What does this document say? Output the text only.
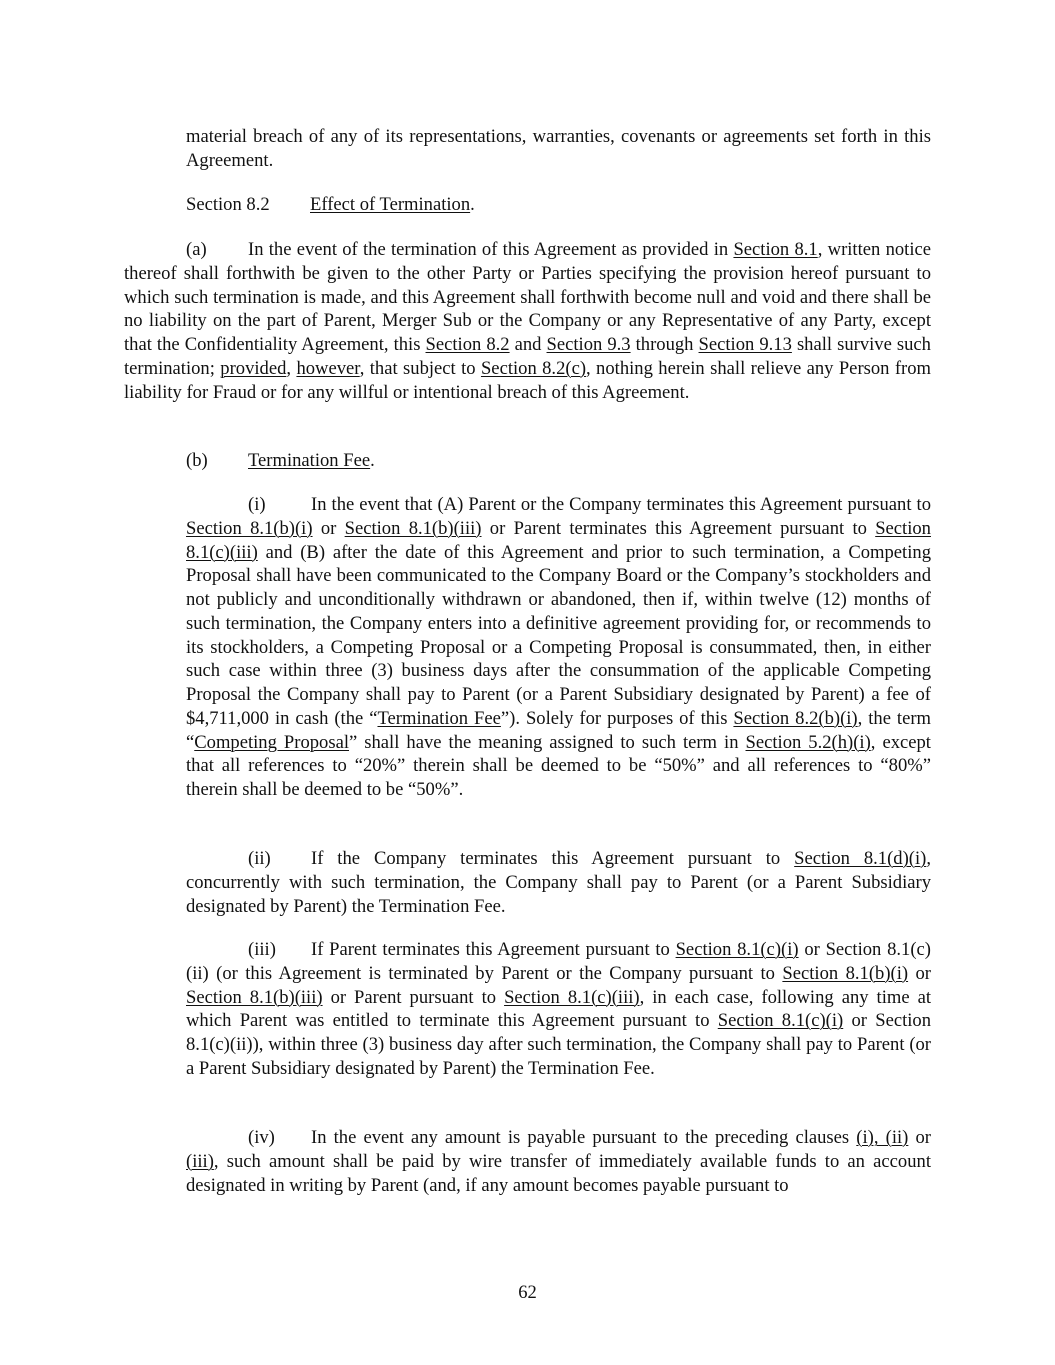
material breach of any of its representations, warranties, covenants or agreements set forth in this Agreement.

Section 8.2 Effect of Termination.

(a) In the event of the termination of this Agreement as provided in Section 8.1, written notice thereof shall forthwith be given to the other Party or Parties specifying the provision hereof pursuant to which such termination is made, and this Agreement shall forthwith become null and void and there shall be no liability on the part of Parent, Merger Sub or the Company or any Representative of any Party, except that the Confidentiality Agreement, this Section 8.2 and Section 9.3 through Section 9.13 shall survive such termination; provided, however, that subject to Section 8.2(c), nothing herein shall relieve any Person from liability for Fraud or for any willful or intentional breach of this Agreement.

(b) Termination Fee.

(i) In the event that (A) Parent or the Company terminates this Agreement pursuant to Section 8.1(b)(i) or Section 8.1(b)(iii) or Parent terminates this Agreement pursuant to Section 8.1(c)(iii) and (B) after the date of this Agreement and prior to such termination, a Competing Proposal shall have been communicated to the Company Board or the Company’s stockholders and not publicly and unconditionally withdrawn or abandoned, then if, within twelve (12) months of such termination, the Company enters into a definitive agreement providing for, or recommends to its stockholders, a Competing Proposal or a Competing Proposal is consummated, then, in either such case within three (3) business days after the consummation of the applicable Competing Proposal the Company shall pay to Parent (or a Parent Subsidiary designated by Parent) a fee of $4,711,000 in cash (the “Termination Fee”). Solely for purposes of this Section 8.2(b)(i), the term “Competing Proposal” shall have the meaning assigned to such term in Section 5.2(h)(i), except that all references to “20%” therein shall be deemed to be “50%” and all references to “80%” therein shall be deemed to be “50%”.

(ii) If the Company terminates this Agreement pursuant to Section 8.1(d)(i), concurrently with such termination, the Company shall pay to Parent (or a Parent Subsidiary designated by Parent) the Termination Fee.

(iii) If Parent terminates this Agreement pursuant to Section 8.1(c)(i) or Section 8.1(c)(ii) (or this Agreement is terminated by Parent or the Company pursuant to Section 8.1(b)(i) or Section 8.1(b)(iii) or Parent pursuant to Section 8.1(c)(iii), in each case, following any time at which Parent was entitled to terminate this Agreement pursuant to Section 8.1(c)(i) or Section 8.1(c)(ii)), within three (3) business day after such termination, the Company shall pay to Parent (or a Parent Subsidiary designated by Parent) the Termination Fee.

(iv) In the event any amount is payable pursuant to the preceding clauses (i), (ii) or (iii), such amount shall be paid by wire transfer of immediately available funds to an account designated in writing by Parent (and, if any amount becomes payable pursuant to

62
